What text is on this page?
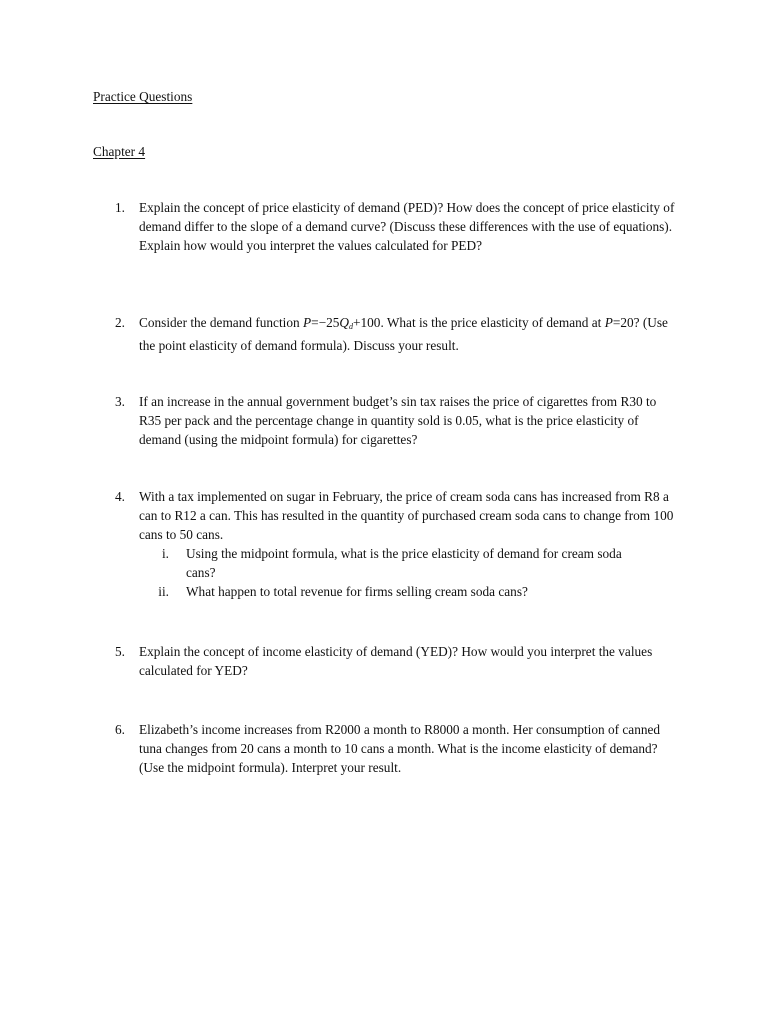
Practice Questions
Chapter 4
1.	Explain the concept of price elasticity of demand (PED)? How does the concept of price elasticity of demand differ to the slope of a demand curve? (Discuss these differences with the use of equations). Explain how would you interpret the values calculated for PED?
2.	Consider the demand function P=−25Qd+100. What is the price elasticity of demand at P=20? (Use the point elasticity of demand formula). Discuss your result.
3.	If an increase in the annual government budget’s sin tax raises the price of cigarettes from R30 to R35 per pack and the percentage change in quantity sold is 0.05, what is the price elasticity of demand (using the midpoint formula) for cigarettes?
4.	With a tax implemented on sugar in February, the price of cream soda cans has increased from R8 a can to R12 a can. This has resulted in the quantity of purchased cream soda cans to change from 100 cans to 50 cans.
i. Using the midpoint formula, what is the price elasticity of demand for cream soda cans?
ii. What happen to total revenue for firms selling cream soda cans?
5.	Explain the concept of income elasticity of demand (YED)? How would you interpret the values calculated for YED?
6.	Elizabeth’s income increases from R2000 a month to R8000 a month. Her consumption of canned tuna changes from 20 cans a month to 10 cans a month. What is the income elasticity of demand? (Use the midpoint formula). Interpret your result.
